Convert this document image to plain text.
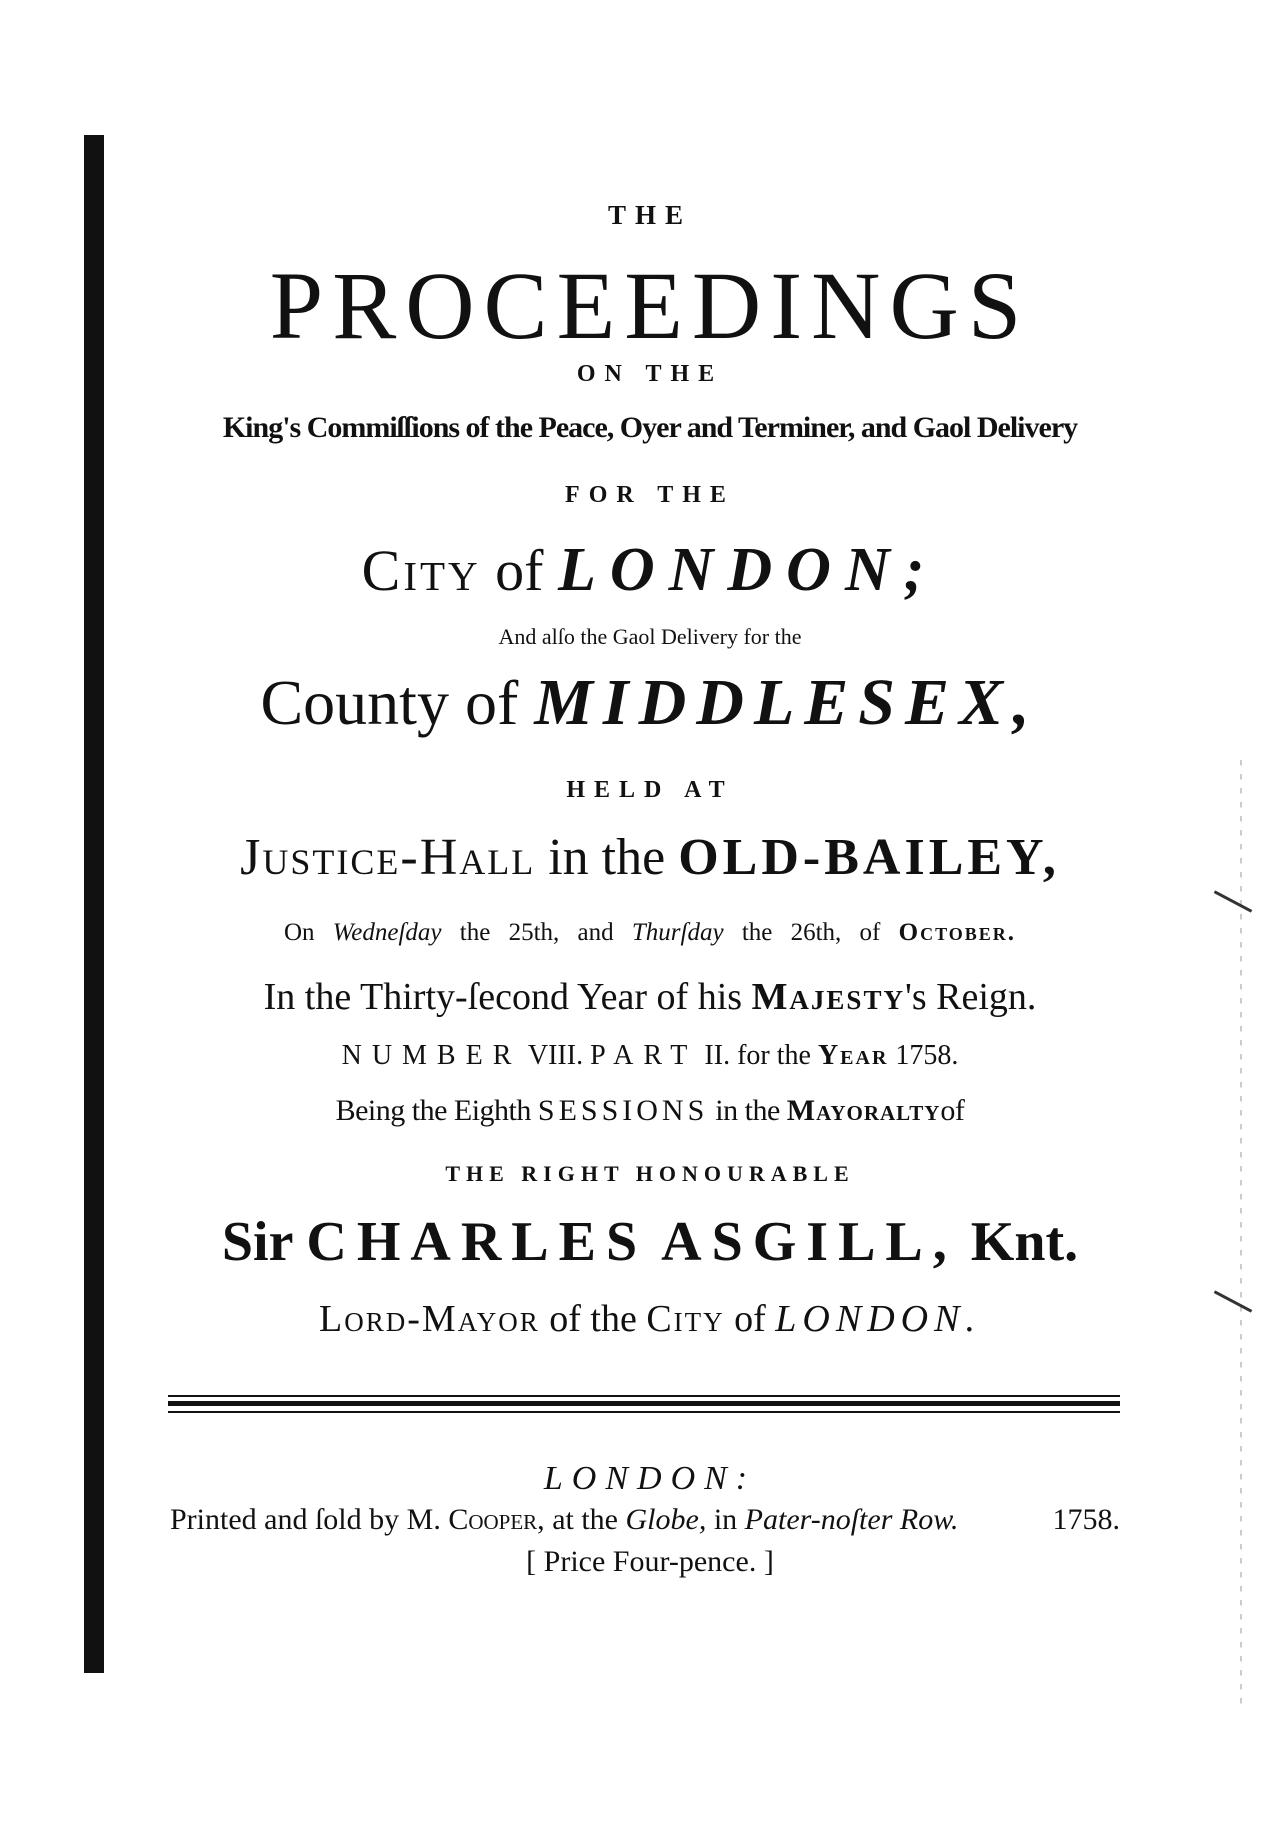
THE
PROCEEDINGS
ON THE
King's Commiſſions of the Peace, Oyer and Terminer, and Gaol Delivery
FOR THE
City of LONDON;
And alſo the Gaol Delivery for the
County of MIDDLESEX,
HELD AT
Justice-Hall in the OLD-BAILEY,
On Wedneſday the 25th, and Thurſday the 26th, of October.
In the Thirty-ſecond Year of his Majesty's Reign.
NUMBER VIII. PART II. for the Year 1758.
Being the Eighth SESSIONS in the Mayoraltyof
THE RIGHT HONOURABLE
Sir CHARLES ASGILL, Knt.
Lord-Mayor of the City of LONDON.
LONDON:
Printed and ſold by M. Cooper, at the Globe, in Pater-noſter Row.	1758.
[ Price Four-pence. ]
